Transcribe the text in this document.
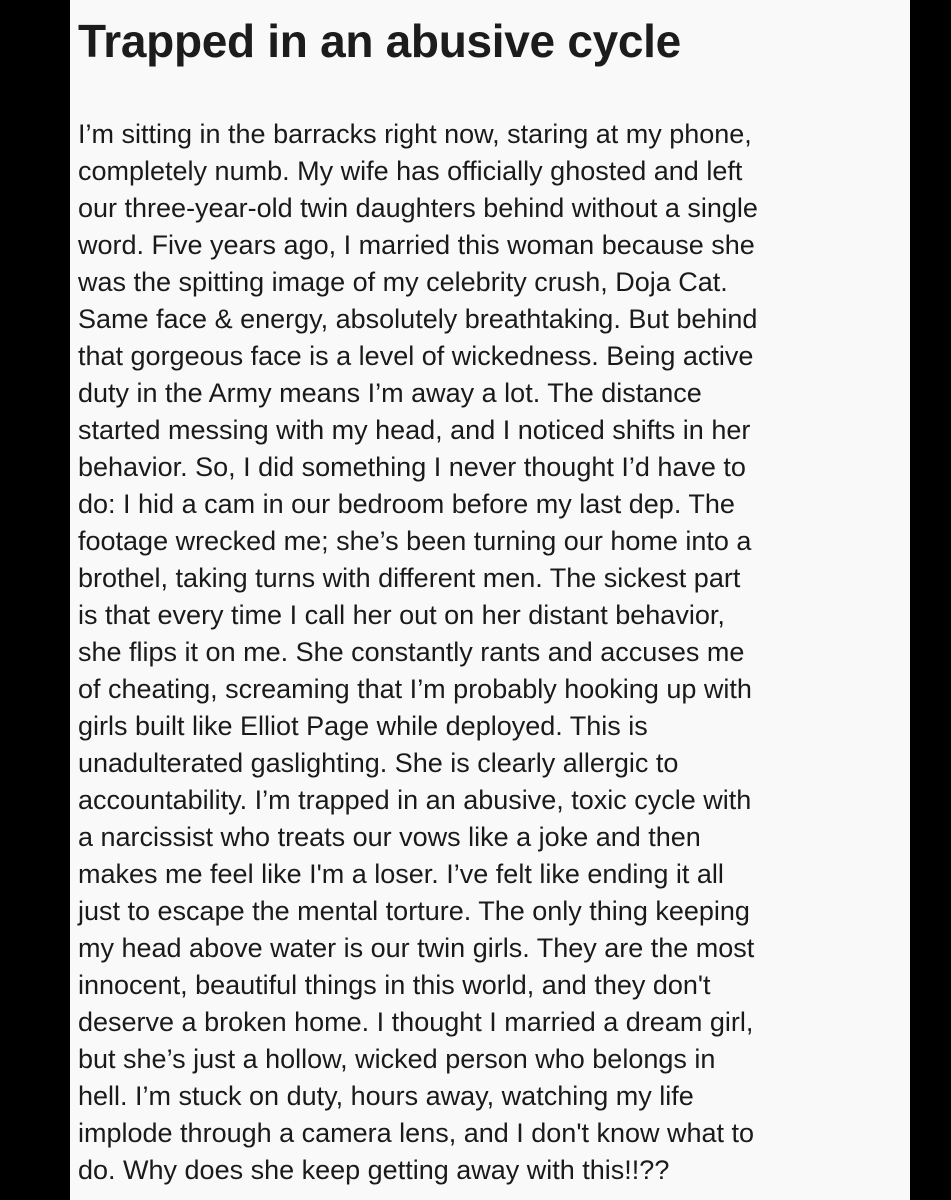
Trapped in an abusive cycle
I’m sitting in the barracks right now, staring at my phone,
completely numb. My wife has officially ghosted and left
our three-year-old twin daughters behind without a single
word. Five years ago, I married this woman because she
was the spitting image of my celebrity crush, Doja Cat.
Same face & energy, absolutely breathtaking. But behind
that gorgeous face is a level of wickedness. Being active
duty in the Army means I’m away a lot. The distance
started messing with my head, and I noticed shifts in her
behavior. So, I did something I never thought I’d have to
do: I hid a cam in our bedroom before my last dep. The
footage wrecked me; she’s been turning our home into a
brothel, taking turns with different men. The sickest part
is that every time I call her out on her distant behavior,
she flips it on me. She constantly rants and accuses me
of cheating, screaming that I’m probably hooking up with
girls built like Elliot Page while deployed. This is
unadulterated gaslighting. She is clearly allergic to
accountability. I’m trapped in an abusive, toxic cycle with
a narcissist who treats our vows like a joke and then
makes me feel like I'm a loser. I’ve felt like ending it all
just to escape the mental torture. The only thing keeping
my head above water is our twin girls. They are the most
innocent, beautiful things in this world, and they don't
deserve a broken home. I thought I married a dream girl,
but she’s just a hollow, wicked person who belongs in
hell. I’m stuck on duty, hours away, watching my life
implode through a camera lens, and I don't know what to
do. Why does she keep getting away with this!!??
